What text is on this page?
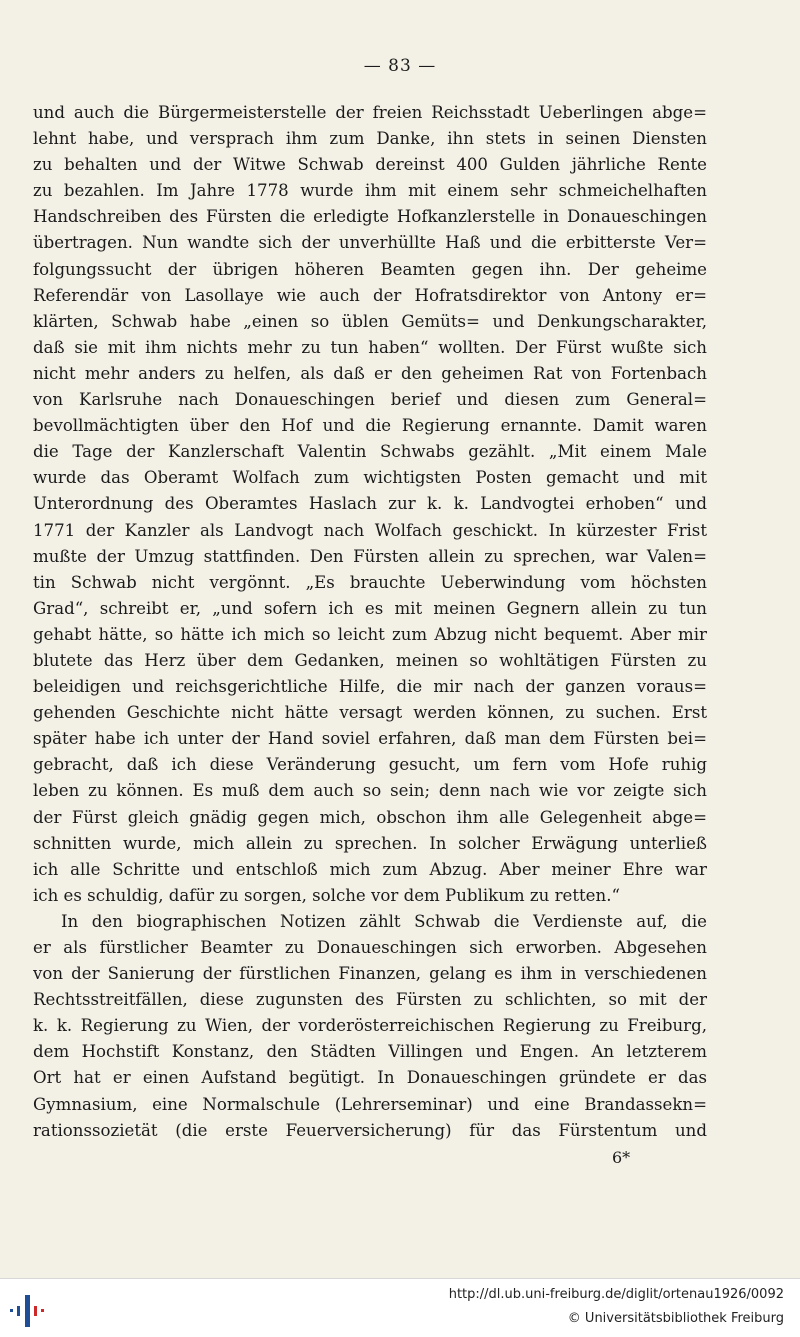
— 83 —
und auch die Bürgermeisterstelle der freien Reichsstadt Ueberlingen abge=
lehnt habe, und versprach ihm zum Danke, ihn stets in seinen Diensten
zu behalten und der Witwe Schwab dereinst 400 Gulden jährliche Rente
zu bezahlen. Im Jahre 1778 wurde ihm mit einem sehr schmeichelhaften
Handschreiben des Fürsten die erledigte Hofkanzlerstelle in Donaueschingen
übertragen. Nun wandte sich der unverhüllte Haß und die erbitterste Ver=
folgungssucht der übrigen höheren Beamten gegen ihn. Der geheime
Referendär von Lasollaye wie auch der Hofratsdirektor von Antony er=
klärten, Schwab habe „einen so üblen Gemüts= und Denkungscharakter,
daß sie mit ihm nichts mehr zu tun haben“ wollten. Der Fürst wußte sich
nicht mehr anders zu helfen, als daß er den geheimen Rat von Fortenbach
von Karlsruhe nach Donaueschingen berief und diesen zum General=
bevollmächtigten über den Hof und die Regierung ernannte. Damit waren
die Tage der Kanzlerschaft Valentin Schwabs gezählt. „Mit einem Male
wurde das Oberamt Wolfach zum wichtigsten Posten gemacht und mit
Unterordnung des Oberamtes Haslach zur k. k. Landvogtei erhoben“ und
1771 der Kanzler als Landvogt nach Wolfach geschickt. In kürzester Frist
mußte der Umzug stattfinden. Den Fürsten allein zu sprechen, war Valen=
tin Schwab nicht vergönnt. „Es brauchte Ueberwindung vom höchsten
Grad“, schreibt er, „und sofern ich es mit meinen Gegnern allein zu tun
gehabt hätte, so hätte ich mich so leicht zum Abzug nicht bequemt. Aber mir
blutete das Herz über dem Gedanken, meinen so wohltätigen Fürsten zu
beleidigen und reichsgerichtliche Hilfe, die mir nach der ganzen voraus=
gehenden Geschichte nicht hätte versagt werden können, zu suchen. Erst
später habe ich unter der Hand soviel erfahren, daß man dem Fürsten bei=
gebracht, daß ich diese Veränderung gesucht, um fern vom Hofe ruhig
leben zu können. Es muß dem auch so sein; denn nach wie vor zeigte sich
der Fürst gleich gnädig gegen mich, obschon ihm alle Gelegenheit abge=
schnitten wurde, mich allein zu sprechen. In solcher Erwägung unterließ
ich alle Schritte und entschloß mich zum Abzug. Aber meiner Ehre war
ich es schuldig, dafür zu sorgen, solche vor dem Publikum zu retten.“
In den biographischen Notizen zählt Schwab die Verdienste auf, die
er als fürstlicher Beamter zu Donaueschingen sich erworben. Abgesehen
von der Sanierung der fürstlichen Finanzen, gelang es ihm in verschiedenen
Rechtsstreitfällen, diese zugunsten des Fürsten zu schlichten, so mit der
k. k. Regierung zu Wien, der vorderösterreichischen Regierung zu Freiburg,
dem Hochstift Konstanz, den Städten Villingen und Engen. An letzterem
Ort hat er einen Aufstand begütigt. In Donaueschingen gründete er das
Gymnasium, eine Normalschule (Lehrerseminar) und eine Brandassekn=
rationssozietät (die erste Feuerversicherung) für das Fürstentum und
6*
http://dl.ub.uni-freiburg.de/diglit/ortenau1926/0092
© Universitätsbibliothek Freiburg
